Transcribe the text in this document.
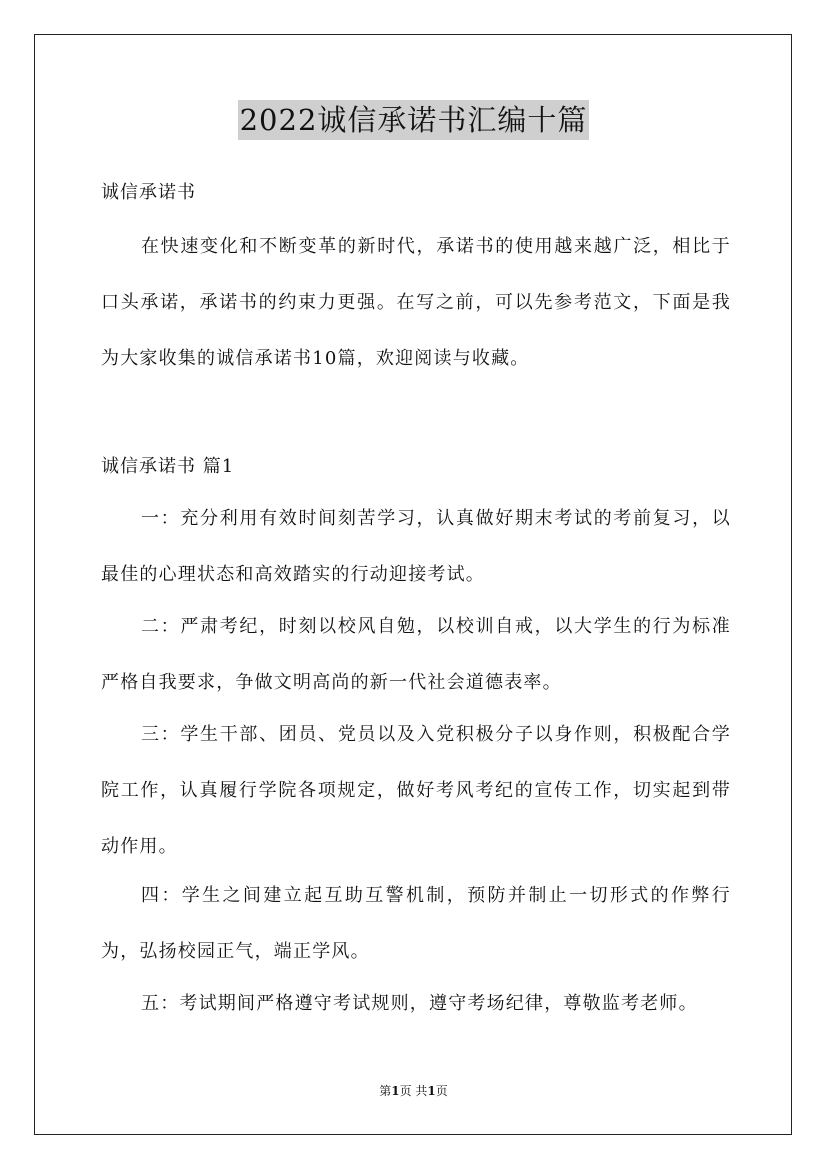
2022诚信承诺书汇编十篇
诚信承诺书

在快速变化和不断变革的新时代，承诺书的使用越来越广泛，相比于口头承诺，承诺书的约束力更强。在写之前，可以先参考范文，下面是我为大家收集的诚信承诺书10篇，欢迎阅读与收藏。

诚信承诺书 篇1

一：充分利用有效时间刻苦学习，认真做好期末考试的考前复习，以最佳的心理状态和高效踏实的行动迎接考试。

二：严肃考纪，时刻以校风自勉，以校训自戒，以大学生的行为标准严格自我要求，争做文明高尚的新一代社会道德表率。

三：学生干部、团员、党员以及入党积极分子以身作则，积极配合学院工作，认真履行学院各项规定，做好考风考纪的宣传工作，切实起到带动作用。

四：学生之间建立起互助互警机制，预防并制止一切形式的作弊行为，弘扬校园正气，端正学风。

五：考试期间严格遵守考试规则，遵守考场纪律，尊敬监考老师。

第1页 共1页
